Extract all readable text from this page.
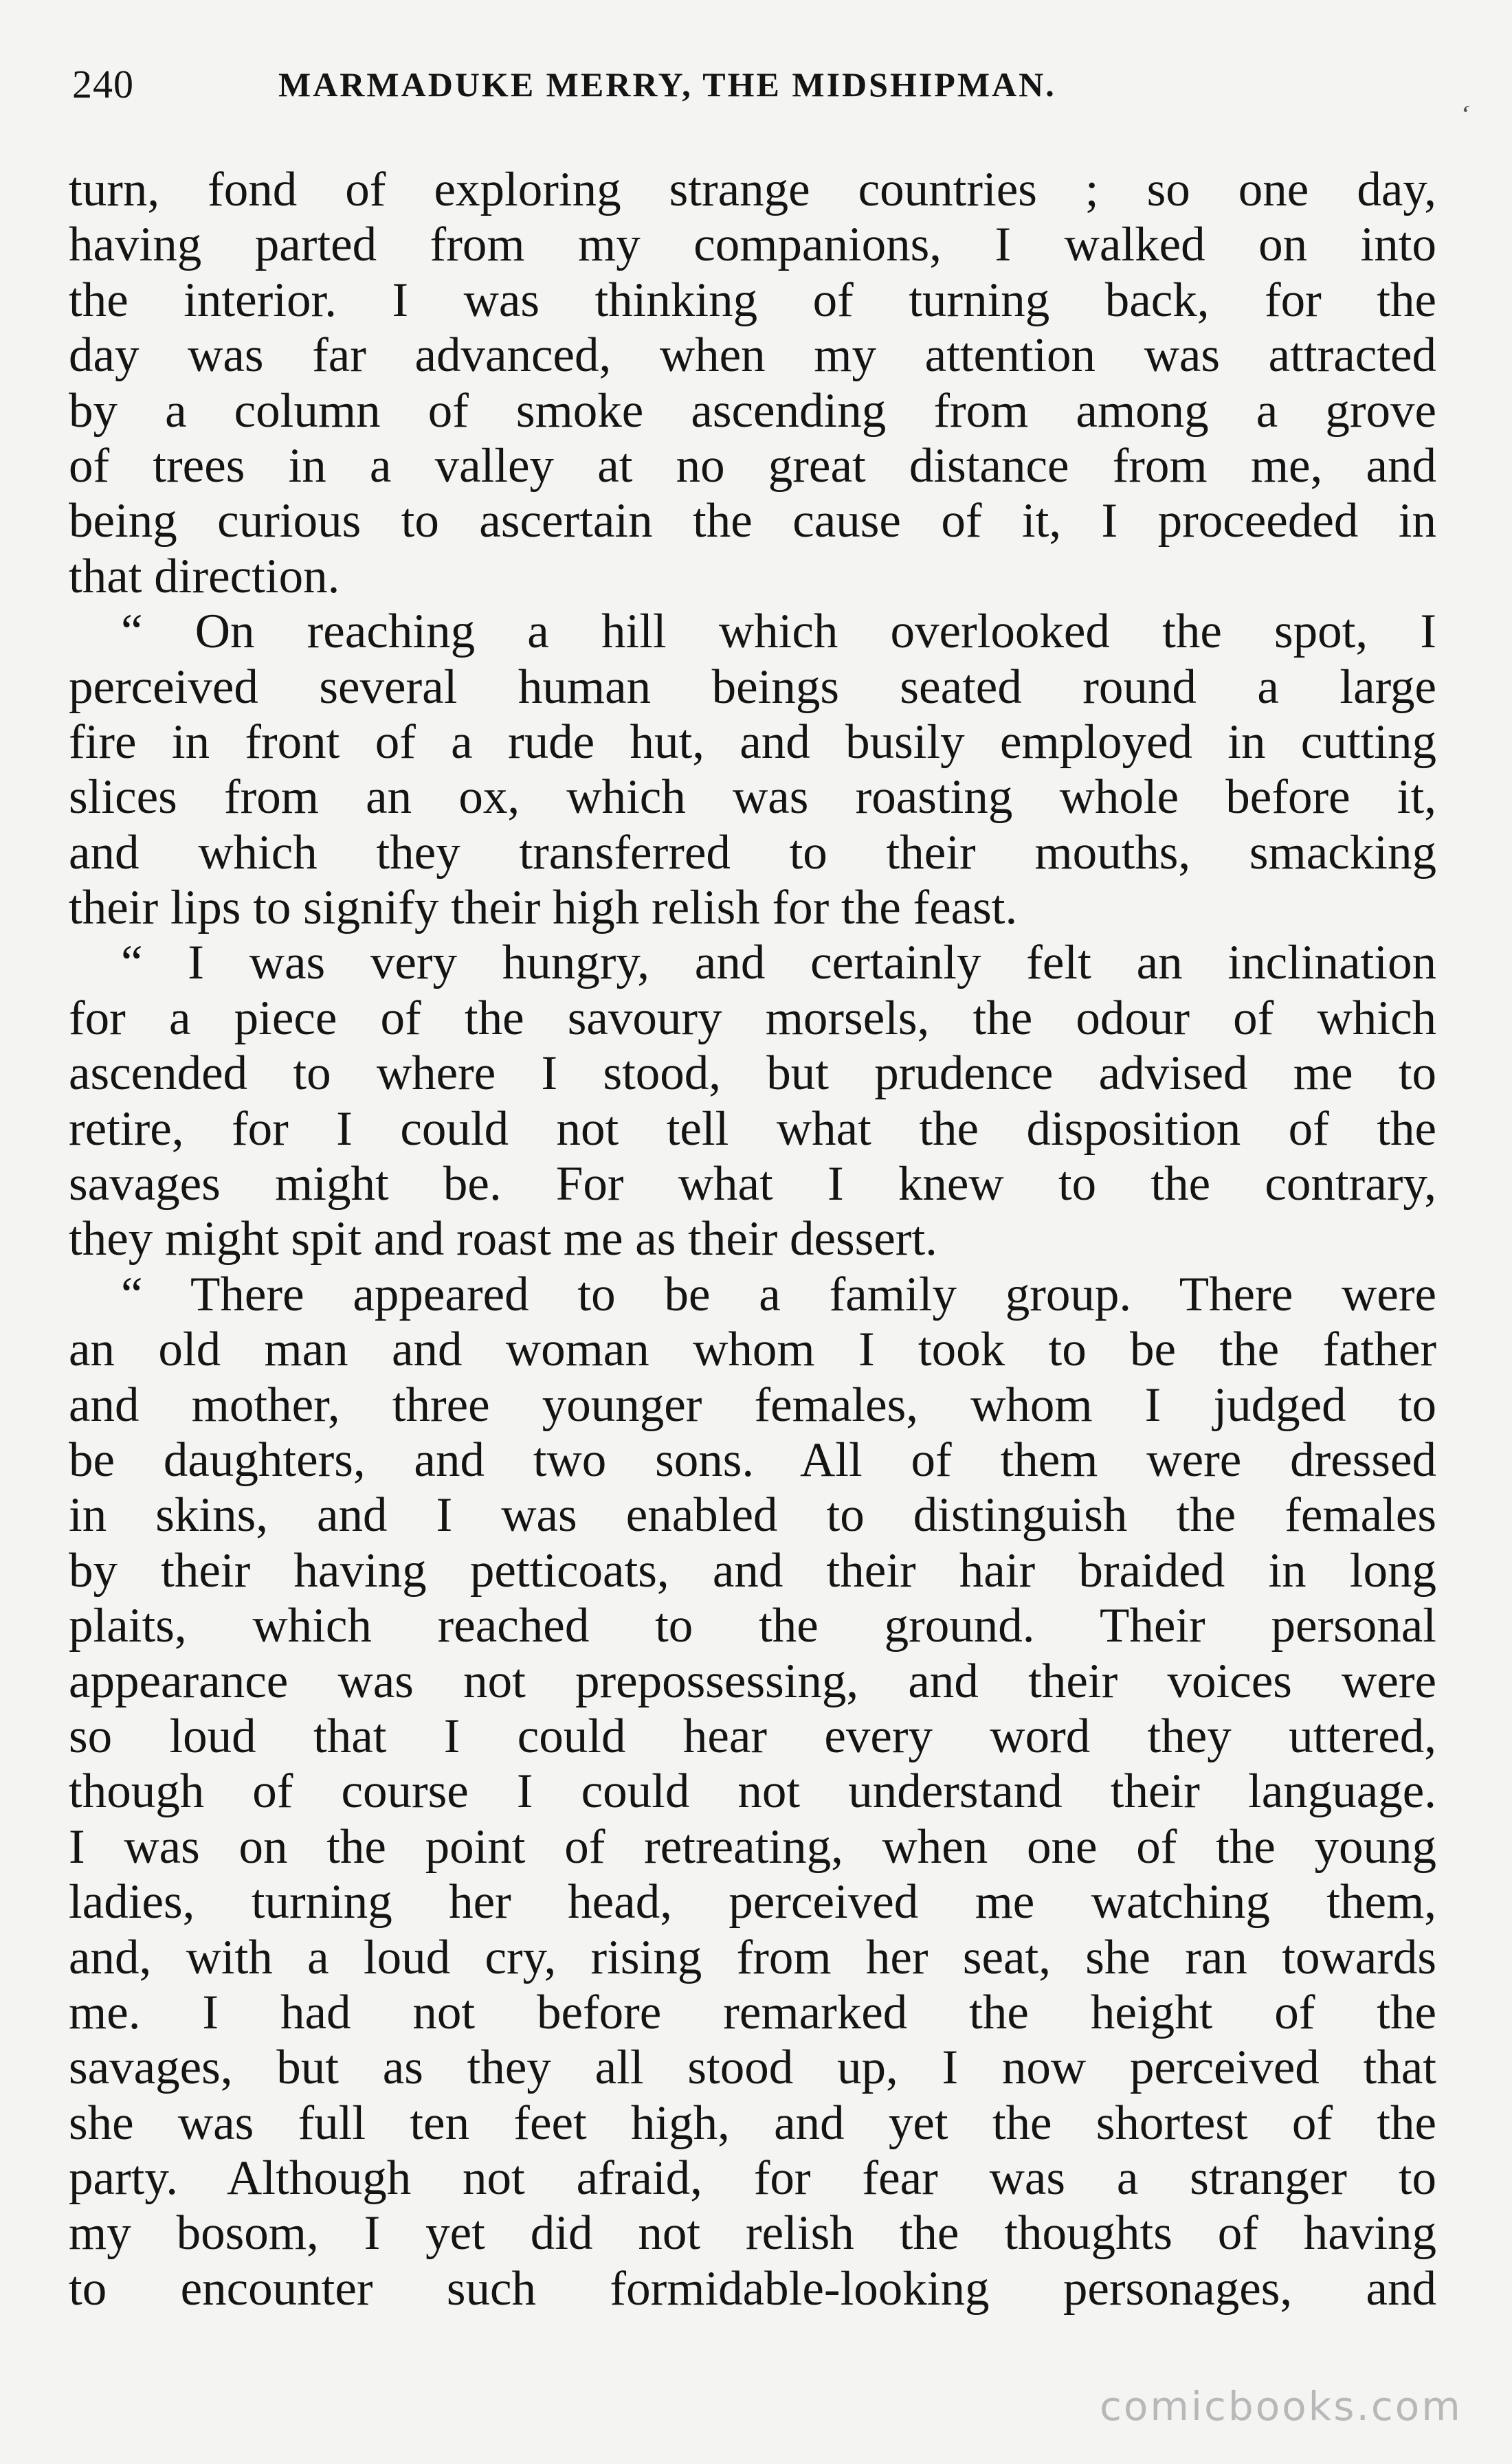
240	MARMADUKE MERRY, THE MIDSHIPMAN.
‘
turn, fond of exploring strange countries ; so one day,
having parted from my companions, I walked on into
the interior. I was thinking of turning back, for the
day was far advanced, when my attention was attracted
by a column of smoke ascending from among a grove
of trees in a valley at no great distance from me, and
being curious to ascertain the cause of it, I proceeded in
that direction.
“ On reaching a hill which overlooked the spot, I
perceived several human beings seated round a large
fire in front of a rude hut, and busily employed in cutting
slices from an ox, which was roasting whole before it,
and which they transferred to their mouths, smacking
their lips to signify their high relish for the feast.
“ I was very hungry, and certainly felt an inclination
for a piece of the savoury morsels, the odour of which
ascended to where I stood, but prudence advised me to
retire, for I could not tell what the disposition of the
savages might be. For what I knew to the contrary,
they might spit and roast me as their dessert.
“ There appeared to be a family group. There were
an old man and woman whom I took to be the father
and mother, three younger females, whom I judged to
be daughters, and two sons. All of them were dressed
in skins, and I was enabled to distinguish the females
by their having petticoats, and their hair braided in long
plaits, which reached to the ground. Their personal
appearance was not prepossessing, and their voices were
so loud that I could hear every word they uttered,
though of course I could not understand their language.
I was on the point of retreating, when one of the young
ladies, turning her head, perceived me watching them,
and, with a loud cry, rising from her seat, she ran towards
me. I had not before remarked the height of the
savages, but as they all stood up, I now perceived that
she was full ten feet high, and yet the shortest of the
party. Although not afraid, for fear was a stranger to
my bosom, I yet did not relish the thoughts of having
to encounter such formidable-looking personages, and
comicbooks.com
